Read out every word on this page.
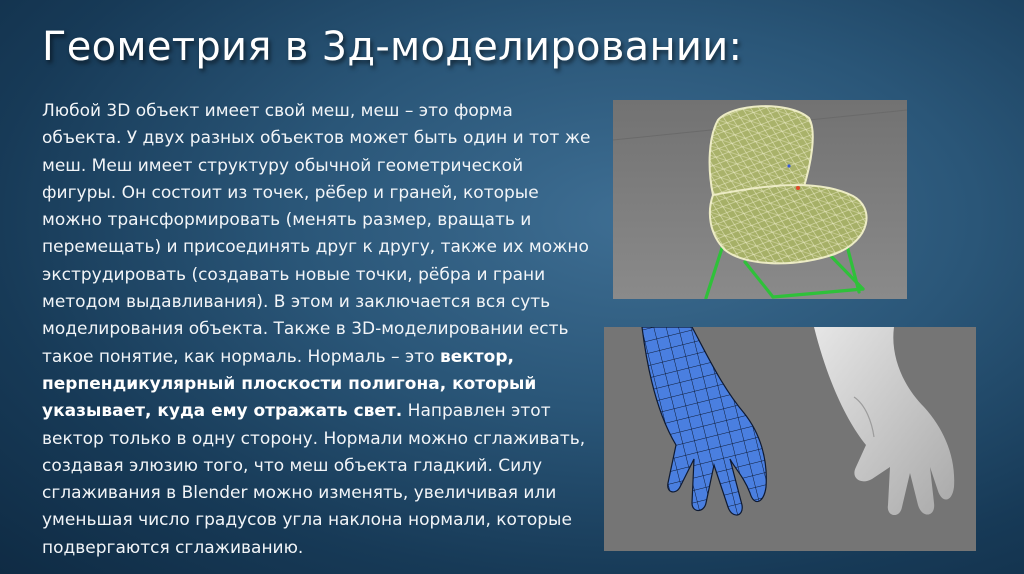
Геометрия в 3д-моделировании:

Любой 3D объект имеет свой меш, меш – это форма объекта. У двух разных объектов может быть один и тот же меш. Меш имеет структуру обычной геометрической фигуры. Он состоит из точек, рёбер и граней, которые можно трансформировать (менять размер, вращать и перемещать) и присоединять друг к другу, также их можно экструдировать (создавать новые точки, рёбра и грани методом выдавливания). В этом и заключается вся суть моделирования объекта. Также в 3D-моделировании есть такое понятие, как нормаль. Нормаль – это вектор, перпендикулярный плоскости полигона, который указывает, куда ему отражать свет. Направлен этот вектор только в одну сторону. Нормали можно сглаживать, создавая элюзию того, что меш объекта гладкий. Силу сглаживания в Blender можно изменять, увеличивая или уменьшая число градусов угла наклона нормали, которые подвергаются сглаживанию.
